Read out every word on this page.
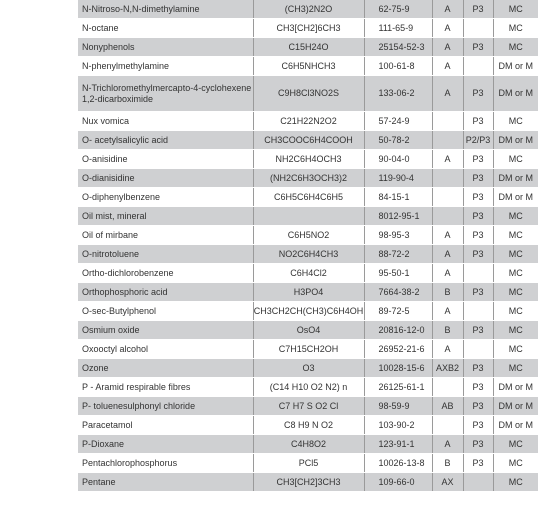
N-Nitroso-N,N-dimethylamine	(CH3)2N2O	62-75-9	A	P3	MC
N-octane	CH3[CH2]6CH3	111-65-9	A		MC
Nonyphenols	C15H24O	25154-52-3	A	P3	MC
N-phenylmethylamine	C6H5NHCH3	100-61-8	A		DM or M
N-Trichloromethylmercapto-4-cyclohexene 1,2-dicarboximide	C9H8Cl3NO2S	133-06-2	A	P3	DM or M
Nux vomica	C21H22N2O2	57-24-9		P3	MC
O- acetylsalicylic acid	CH3COOC6H4COOH	50-78-2		P2/P3	DM or M
O-anisidine	NH2C6H4OCH3	90-04-0	A	P3	MC
O-dianisidine	(NH2C6H3OCH3)2	119-90-4		P3	DM or M
O-diphenylbenzene	C6H5C6H4C6H5	84-15-1		P3	DM or M
Oil mist, mineral		8012-95-1		P3	MC
Oil of mirbane	C6H5NO2	98-95-3	A	P3	MC
O-nitrotoluene	NO2C6H4CH3	88-72-2	A	P3	MC
Ortho-dichlorobenzene	C6H4Cl2	95-50-1	A		MC
Orthophosphoric acid	H3PO4	7664-38-2	B	P3	MC
O-sec-Butylphenol	CH3CH2CH(CH3)C6H4OH	89-72-5	A		MC
Osmium oxide	OsO4	20816-12-0	B	P3	MC
Oxooctyl alcohol	C7H15CH2OH	26952-21-6	A		MC
Ozone	O3	10028-15-6	AXB2	P3	MC
P - Aramid respirable fibres	(C14 H10 O2 N2) n	26125-61-1		P3	DM or M
P- toluenesulphonyl chloride	C7 H7 S O2 Cl	98-59-9	AB	P3	DM or M
Paracetamol	C8 H9 N O2	103-90-2		P3	DM or M
P-Dioxane	C4H8O2	123-91-1	A	P3	MC
Pentachlorophosphorus	PCl5	10026-13-8	B	P3	MC
Pentane	CH3[CH2]3CH3	109-66-0	AX		MC
